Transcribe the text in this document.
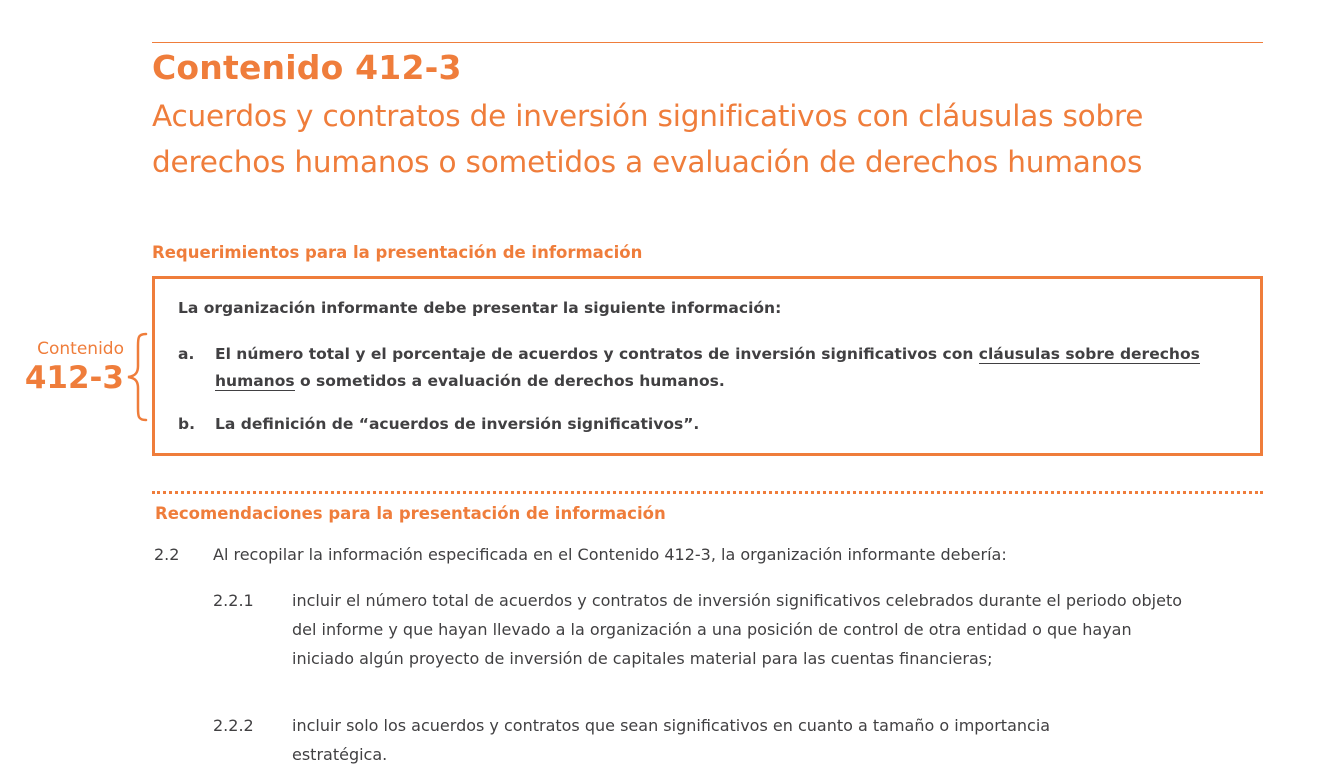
Contenido 412-3
Acuerdos y contratos de inversión significativos con cláusulas sobre derechos humanos o sometidos a evaluación de derechos humanos
Requerimientos para la presentación de información
Contenido
412-3

La organización informante debe presentar la siguiente información:

a. El número total y el porcentaje de acuerdos y contratos de inversión significativos con cláusulas sobre derechos humanos o sometidos a evaluación de derechos humanos.

b. La definición de “acuerdos de inversión significativos”.

Recomendaciones para la presentación de información

2.2 Al recopilar la información especificada en el Contenido 412-3, la organización informante debería:

2.2.1 incluir el número total de acuerdos y contratos de inversión significativos celebrados durante el periodo objeto del informe y que hayan llevado a la organización a una posición de control de otra entidad o que hayan iniciado algún proyecto de inversión de capitales material para las cuentas financieras;

2.2.2 incluir solo los acuerdos y contratos que sean significativos en cuanto a tamaño o importancia estratégica.
